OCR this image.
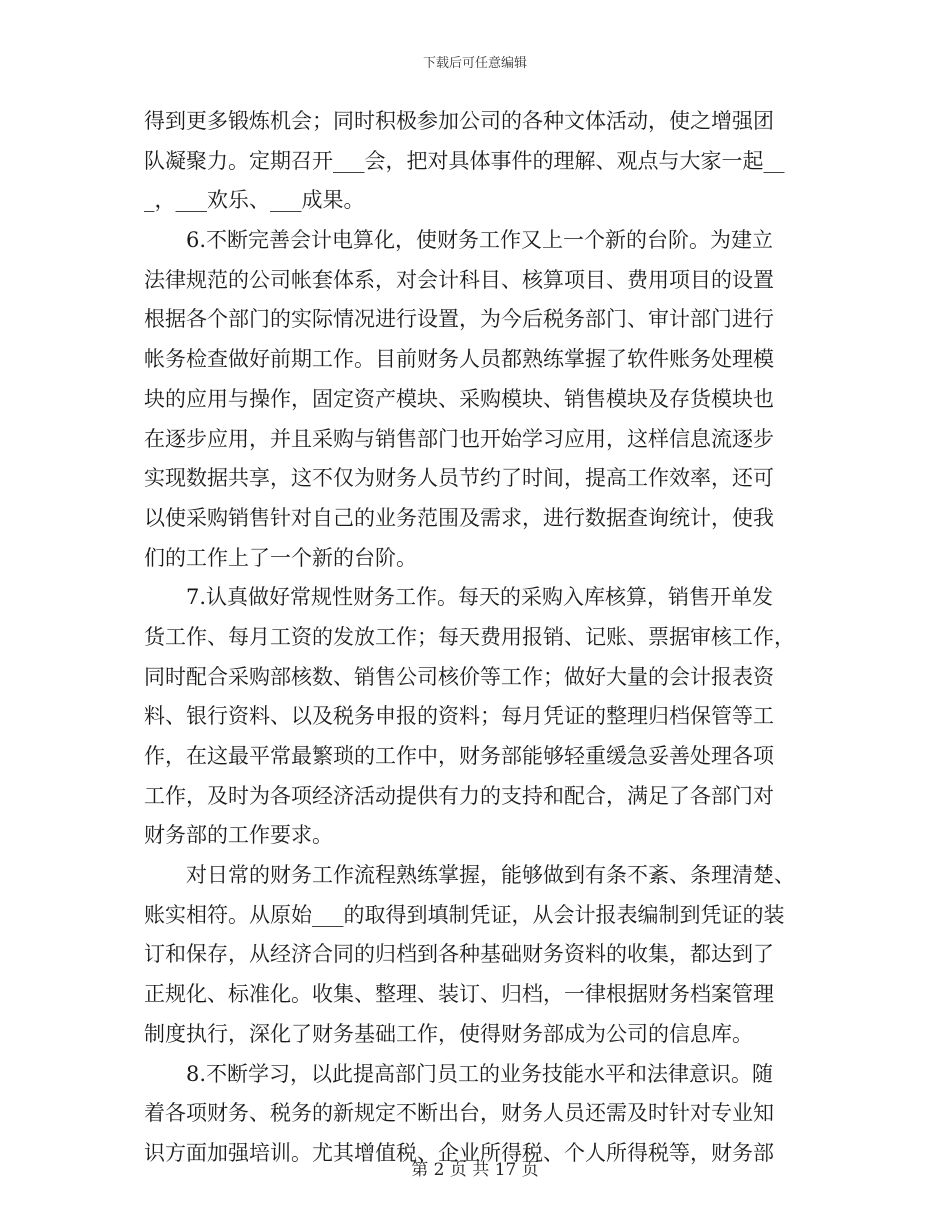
下载后可任意编辑
得到更多锻炼机会；同时积极参加公司的各种文体活动，使之增强团
队凝聚力。定期召开___会，把对具体事件的理解、观点与大家一起__
_，___欢乐、___成果。
6.不断完善会计电算化，使财务工作又上一个新的台阶。为建立
法律规范的公司帐套体系，对会计科目、核算项目、费用项目的设置
根据各个部门的实际情况进行设置，为今后税务部门、审计部门进行
帐务检查做好前期工作。目前财务人员都熟练掌握了软件账务处理模
块的应用与操作，固定资产模块、采购模块、销售模块及存货模块也
在逐步应用，并且采购与销售部门也开始学习应用，这样信息流逐步
实现数据共享，这不仅为财务人员节约了时间，提高工作效率，还可
以使采购销售针对自己的业务范围及需求，进行数据查询统计，使我
们的工作上了一个新的台阶。
7.认真做好常规性财务工作。每天的采购入库核算，销售开单发
货工作、每月工资的发放工作；每天费用报销、记账、票据审核工作，
同时配合采购部核数、销售公司核价等工作；做好大量的会计报表资
料、银行资料、以及税务申报的资料；每月凭证的整理归档保管等工
作，在这最平常最繁琐的工作中，财务部能够轻重缓急妥善处理各项
工作，及时为各项经济活动提供有力的支持和配合，满足了各部门对
财务部的工作要求。
对日常的财务工作流程熟练掌握，能够做到有条不紊、条理清楚、
账实相符。从原始___的取得到填制凭证，从会计报表编制到凭证的装
订和保存，从经济合同的归档到各种基础财务资料的收集，都达到了
正规化、标准化。收集、整理、装订、归档，一律根据财务档案管理
制度执行，深化了财务基础工作，使得财务部成为公司的信息库。
8.不断学习，以此提高部门员工的业务技能水平和法律意识。随
着各项财务、税务的新规定不断出台，财务人员还需及时针对专业知
识方面加强培训。尤其增值税、企业所得税、个人所得税等，财务部
第 2 页 共 17 页
